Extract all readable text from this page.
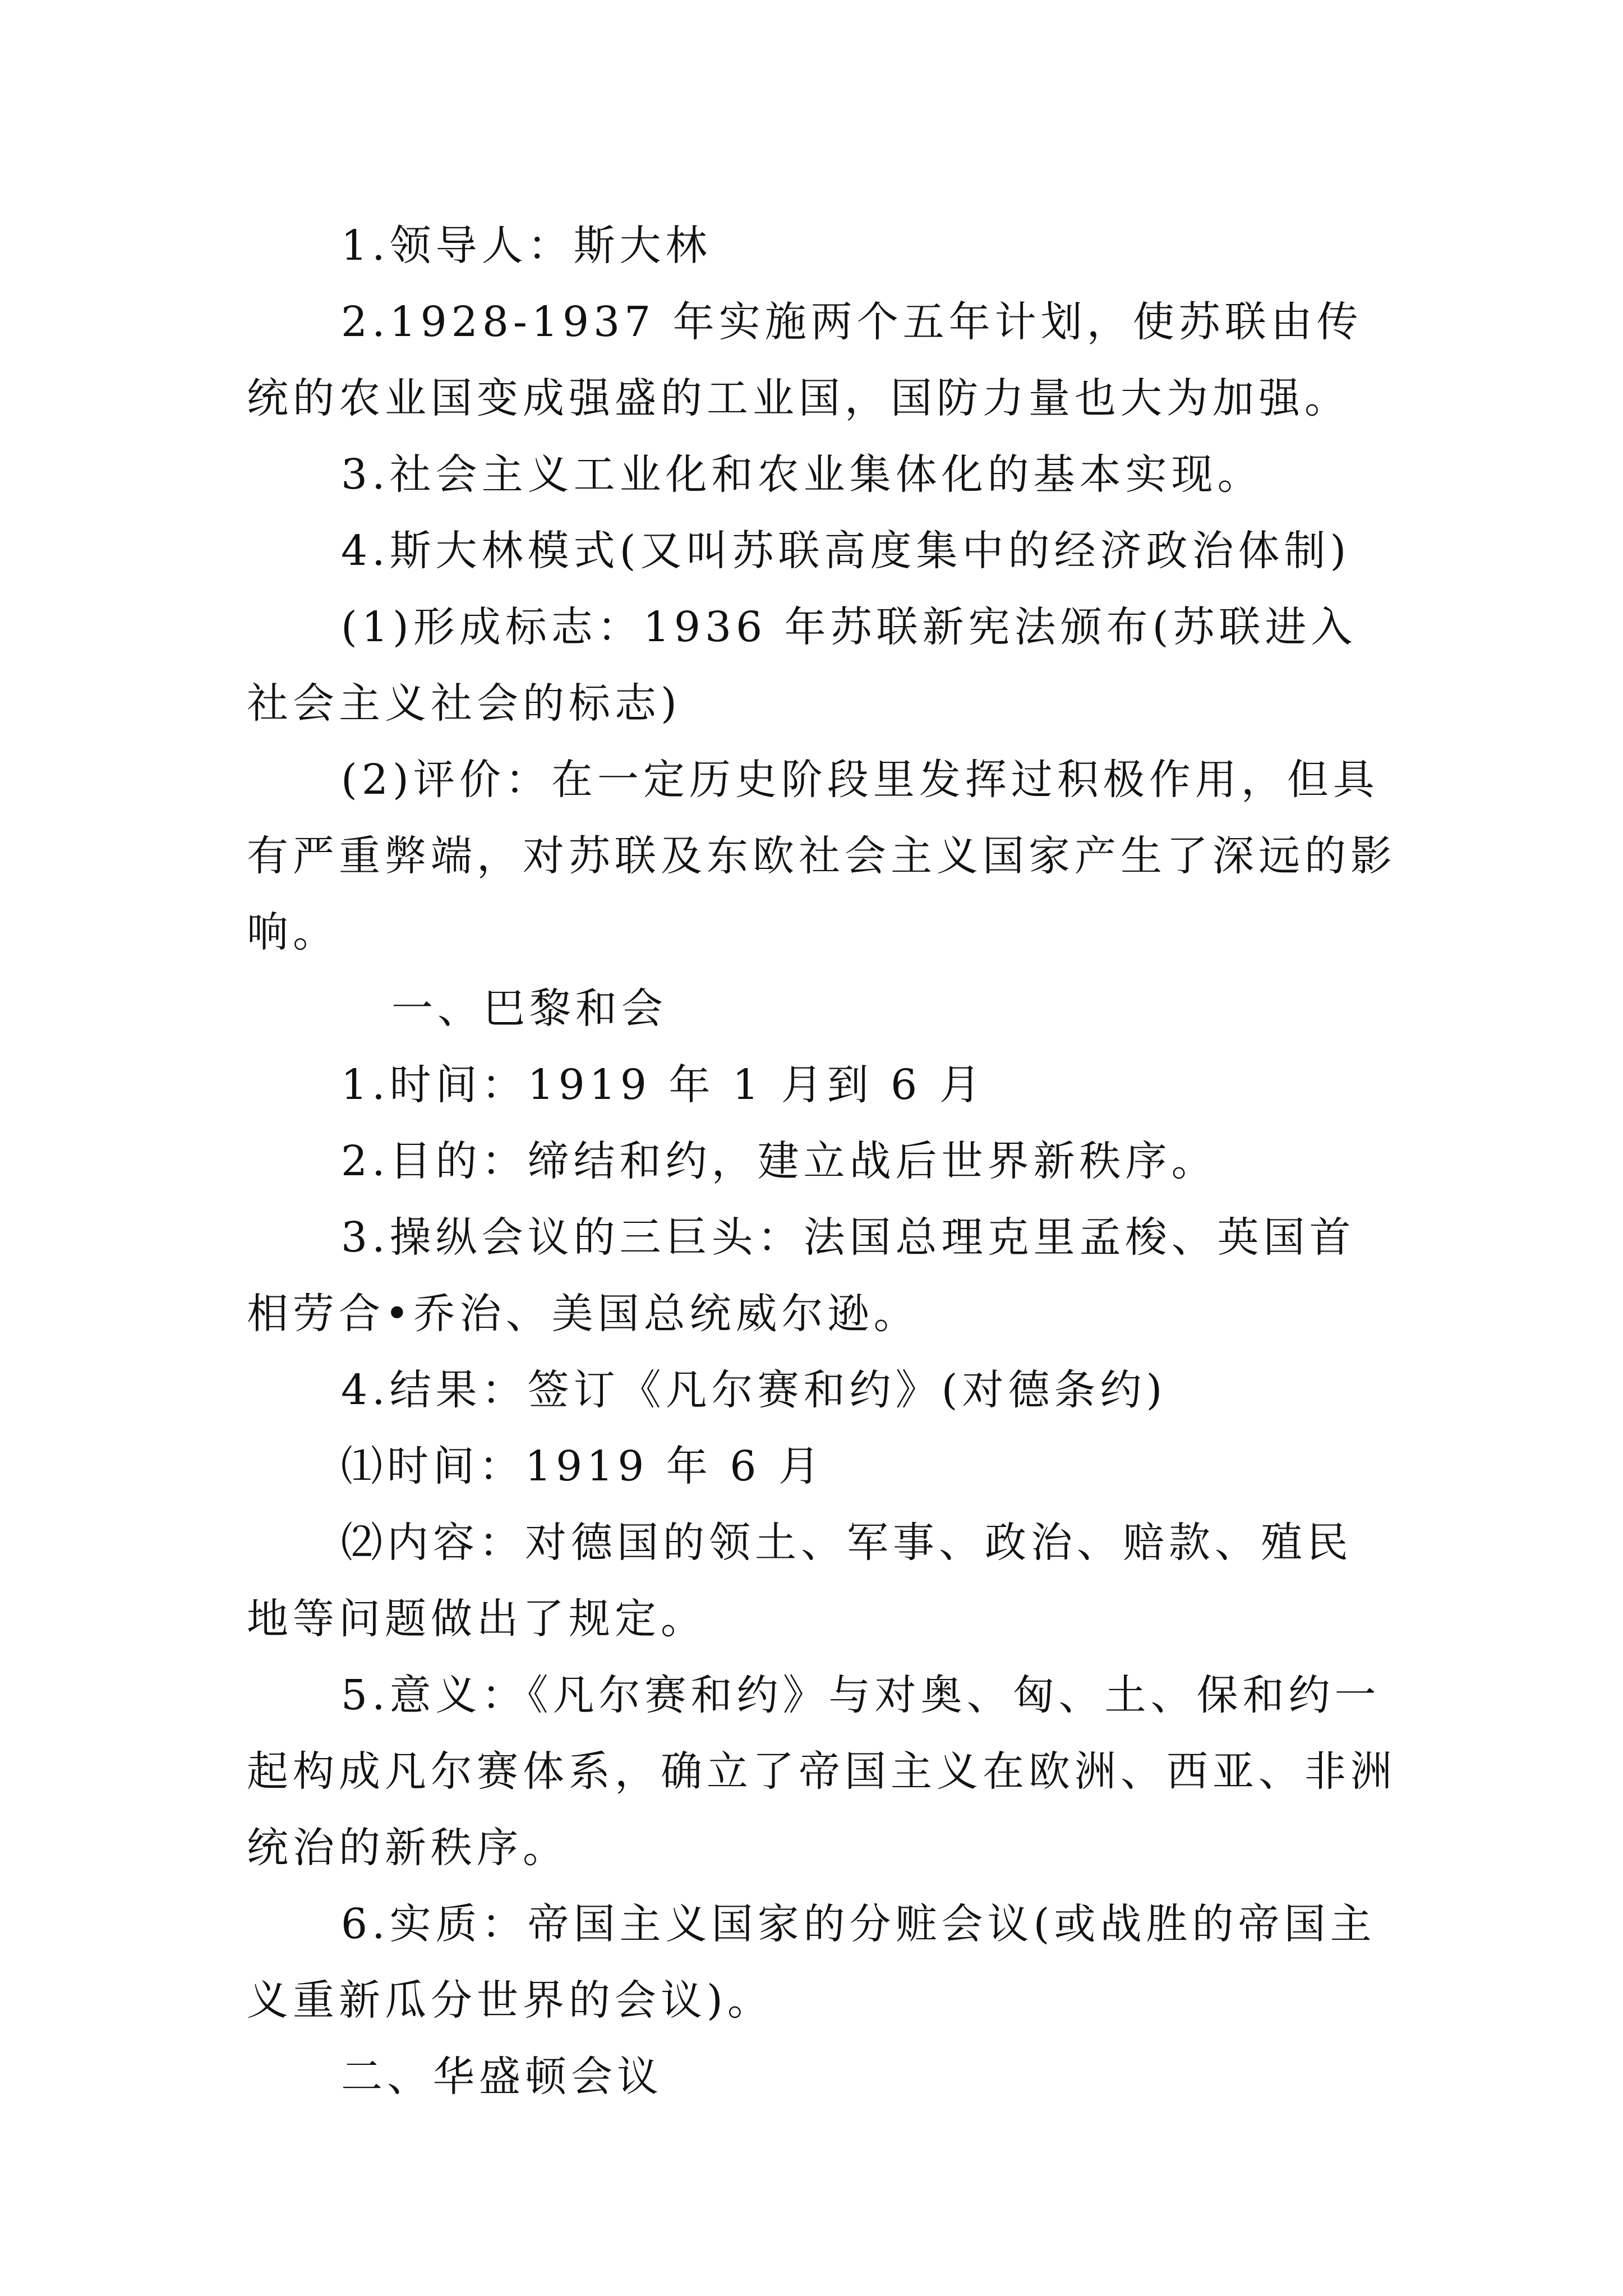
1.领导人：斯大林

2.1928-1937 年实施两个五年计划，使苏联由传统的农业国变成强盛的工业国，国防力量也大为加强。

3.社会主义工业化和农业集体化的基本实现。

4.斯大林模式(又叫苏联高度集中的经济政治体制)

(1)形成标志：1936 年苏联新宪法颁布(苏联进入社会主义社会的标志)

(2)评价：在一定历史阶段里发挥过积极作用，但具有严重弊端，对苏联及东欧社会主义国家产生了深远的影响。

一、巴黎和会

1.时间：1919 年 1 月到 6 月

2.目的：缔结和约，建立战后世界新秩序。

3.操纵会议的三巨头：法国总理克里孟梭、英国首相劳合•乔治、美国总统威尔逊。

4.结果：签订《凡尔赛和约》(对德条约)

⑴时间：1919 年 6 月

⑵内容：对德国的领土、军事、政治、赔款、殖民地等问题做出了规定。

5.意义：《凡尔赛和约》与对奥、匈、土、保和约一起构成凡尔赛体系，确立了帝国主义在欧洲、西亚、非洲统治的新秩序。

6.实质：帝国主义国家的分赃会议(或战胜的帝国主义重新瓜分世界的会议)。

二、华盛顿会议
